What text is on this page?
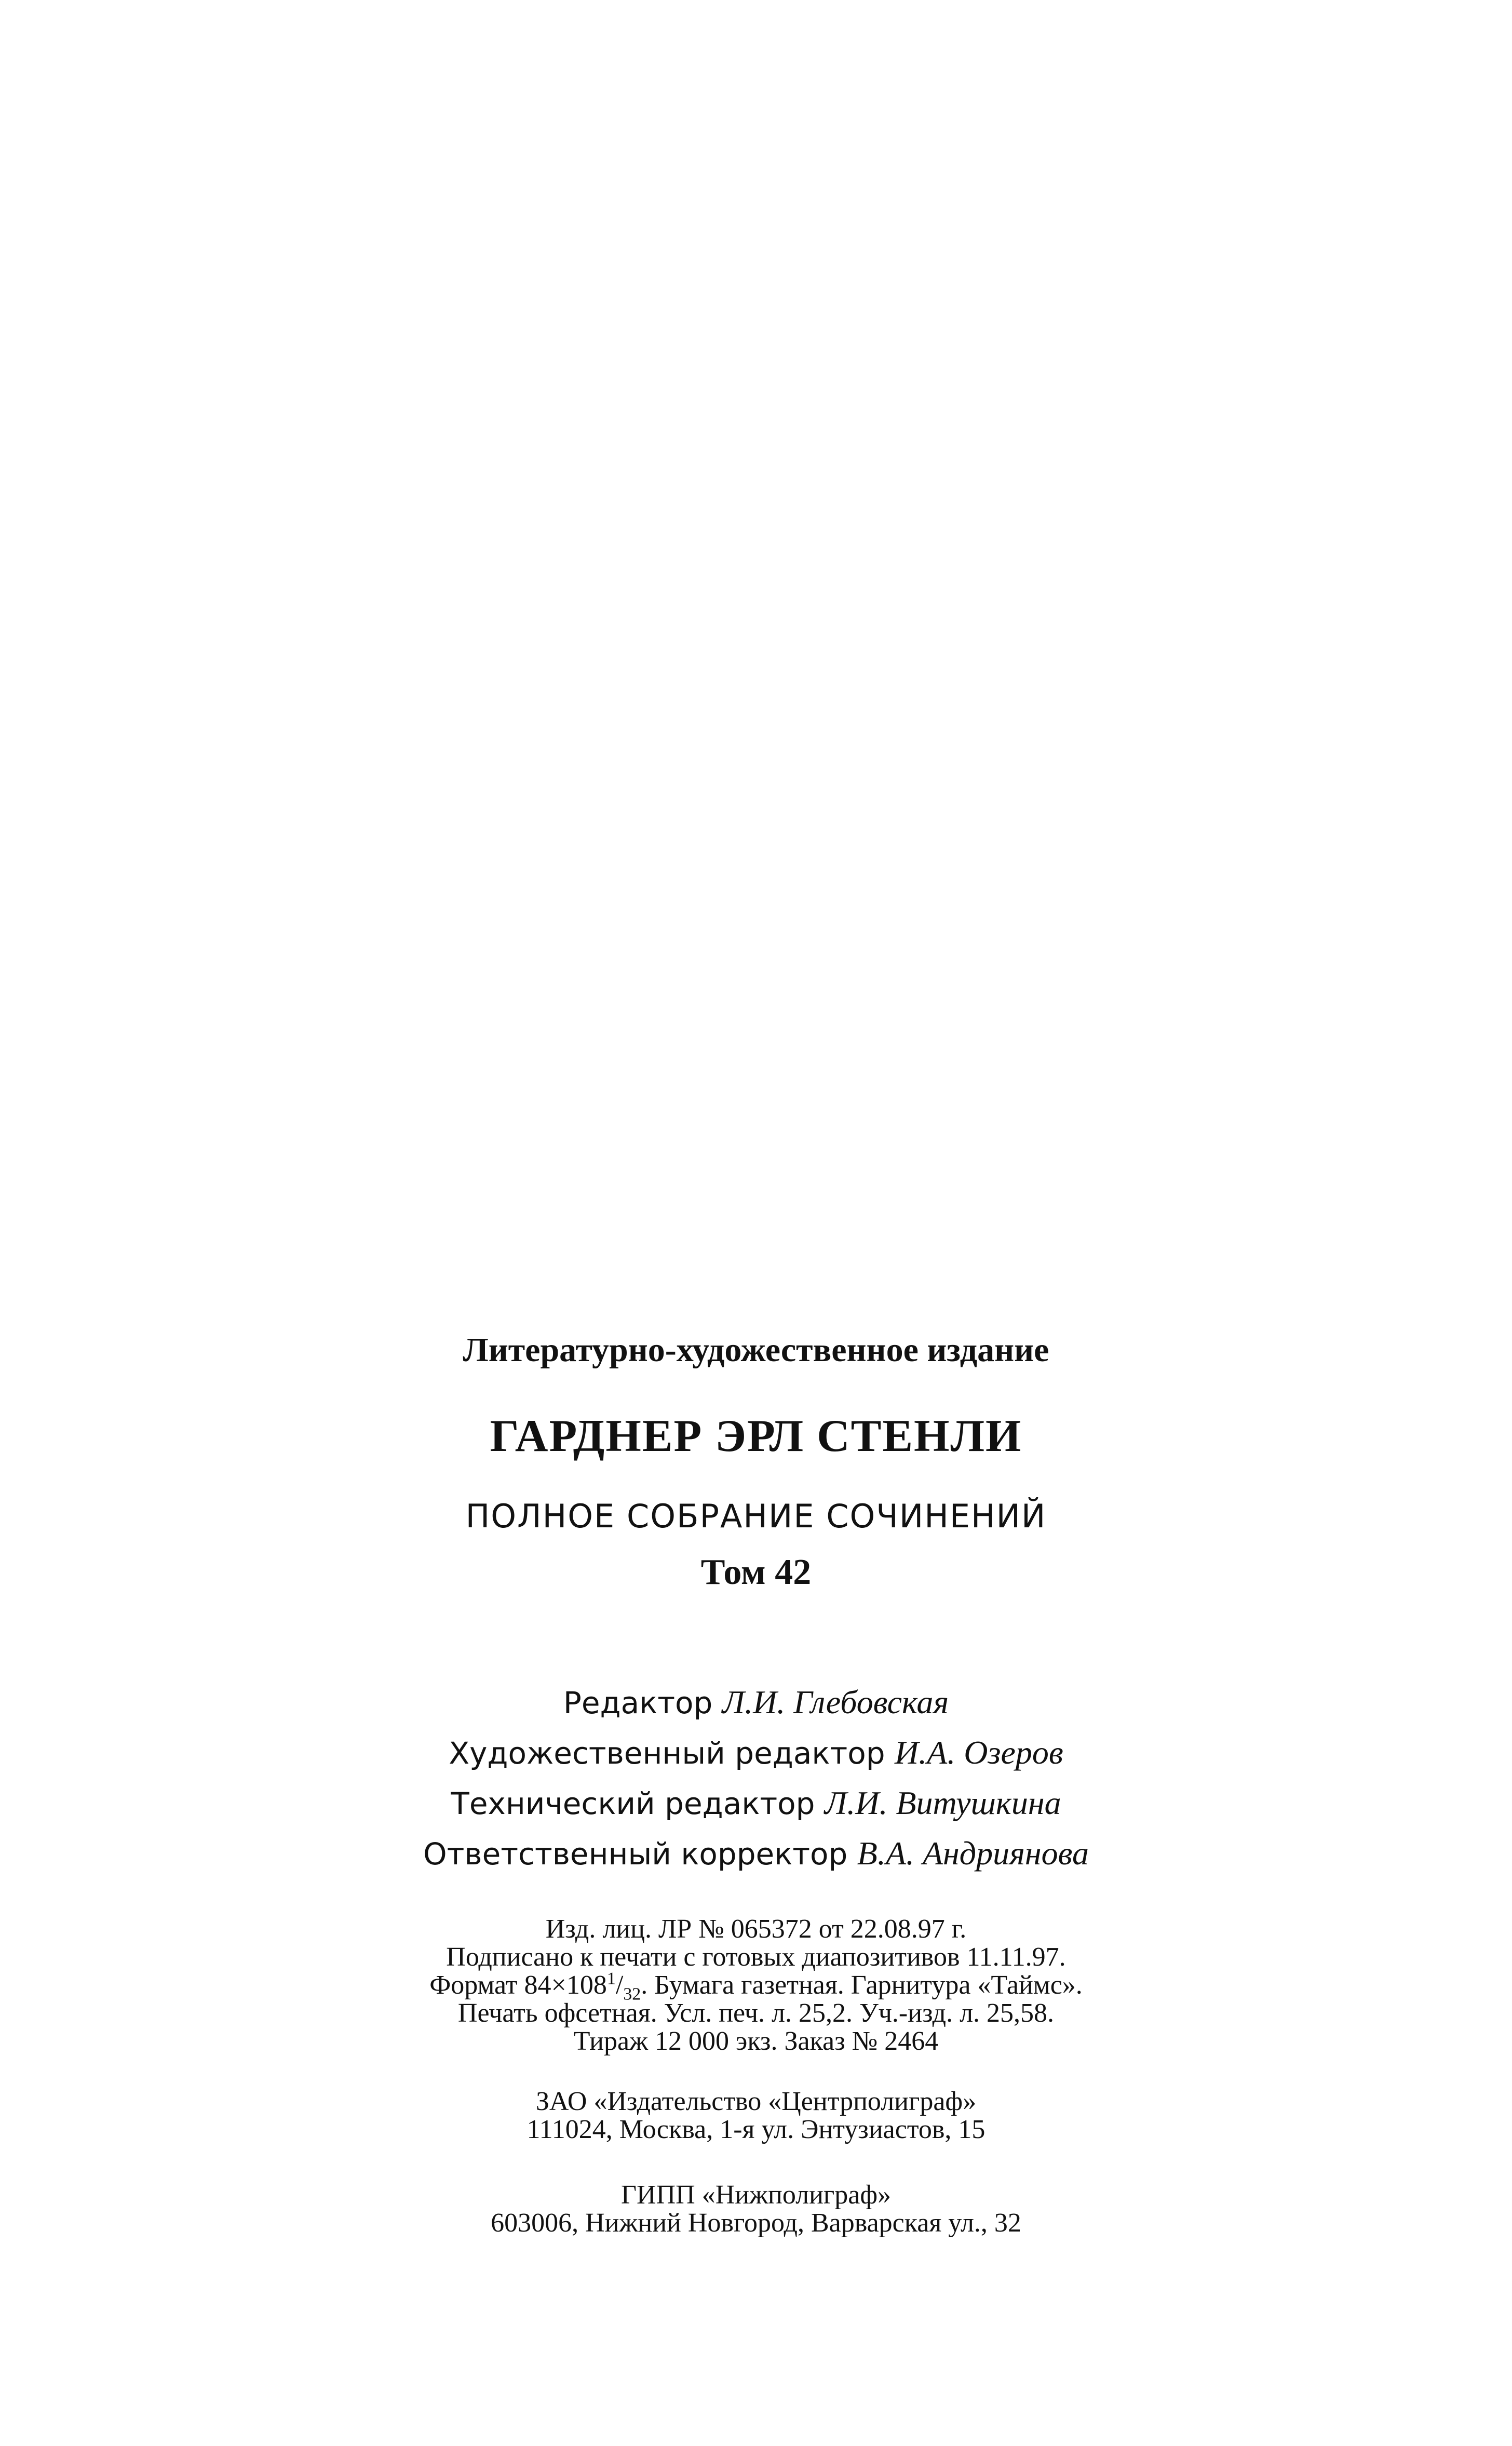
Литературно-художественное издание
ГАРДНЕР ЭРЛ СТЕНЛИ
ПОЛНОЕ СОБРАНИЕ СОЧИНЕНИЙ
Том 42
Редактор Л.И. Глебовская
Художественный редактор И.А. Озеров
Технический редактор Л.И. Витушкина
Ответственный корректор В.А. Андриянова
Изд. лиц. ЛР № 065372 от 22.08.97 г.
Подписано к печати с готовых диапозитивов 11.11.97.
Формат $84\times 108^1/_{32}$. Бумага газетная. Гарнитура «Таймс».
Печать офсетная. Усл. печ. л. 25,2. Уч.-изд. л. 25,58.
Тираж 12 000 экз. Заказ № 2464
ЗАО «Издательство «Центрполиграф»
111024, Москва, 1-я ул. Энтузиастов, 15
ГИПП «Нижполиграф»
603006, Нижний Новгород, Варварская ул., 32
